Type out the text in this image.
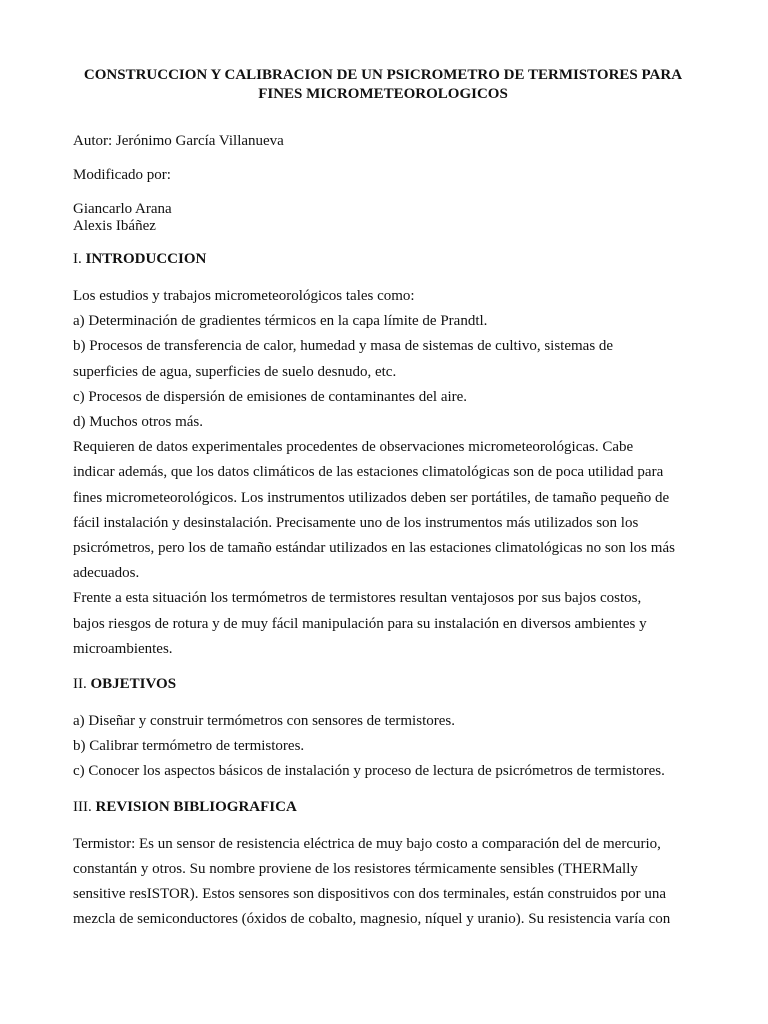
CONSTRUCCION Y CALIBRACION DE UN PSICROMETRO DE TERMISTORES PARA
FINES MICROMETEOROLOGICOS

Autor: Jerónimo García Villanueva

Modificado por:

Giancarlo Arana

Alexis Ibáñez

I. INTRODUCCION

Los estudios y trabajos micrometeorológicos tales como:

a) Determinación de gradientes térmicos en la capa límite de Prandtl.

b) Procesos de transferencia de calor, humedad y masa de sistemas de cultivo, sistemas de

superficies de agua, superficies de suelo desnudo, etc.

c) Procesos de dispersión de emisiones de contaminantes del aire.

d) Muchos otros más.

Requieren de datos experimentales procedentes de observaciones micrometeorológicas. Cabe

indicar además, que los datos climáticos de las estaciones climatológicas son de poca utilidad para

fines micrometeorológicos. Los instrumentos utilizados deben ser portátiles, de tamaño pequeño de

fácil instalación y desinstalación. Precisamente uno de los instrumentos más utilizados son los

psicrómetros, pero los de tamaño estándar utilizados en las estaciones climatológicas no son los más

adecuados.

Frente a esta situación los termómetros de termistores resultan ventajosos por sus bajos costos,

bajos riesgos de rotura y de muy fácil manipulación para su instalación en diversos ambientes y

microambientes.

II. OBJETIVOS

a) Diseñar y construir termómetros con sensores de termistores.

b) Calibrar termómetro de termistores.

c) Conocer los aspectos básicos de instalación y proceso de lectura de psicrómetros de termistores.

III. REVISION BIBLIOGRAFICA

Termistor: Es un sensor de resistencia eléctrica de muy bajo costo a comparación del de mercurio,

constantán y otros. Su nombre proviene de los resistores térmicamente sensibles (THERMally

sensitive resISTOR). Estos sensores son dispositivos con dos terminales, están construidos por una

mezcla de semiconductores (óxidos de cobalto, magnesio, níquel y uranio). Su resistencia varía con
